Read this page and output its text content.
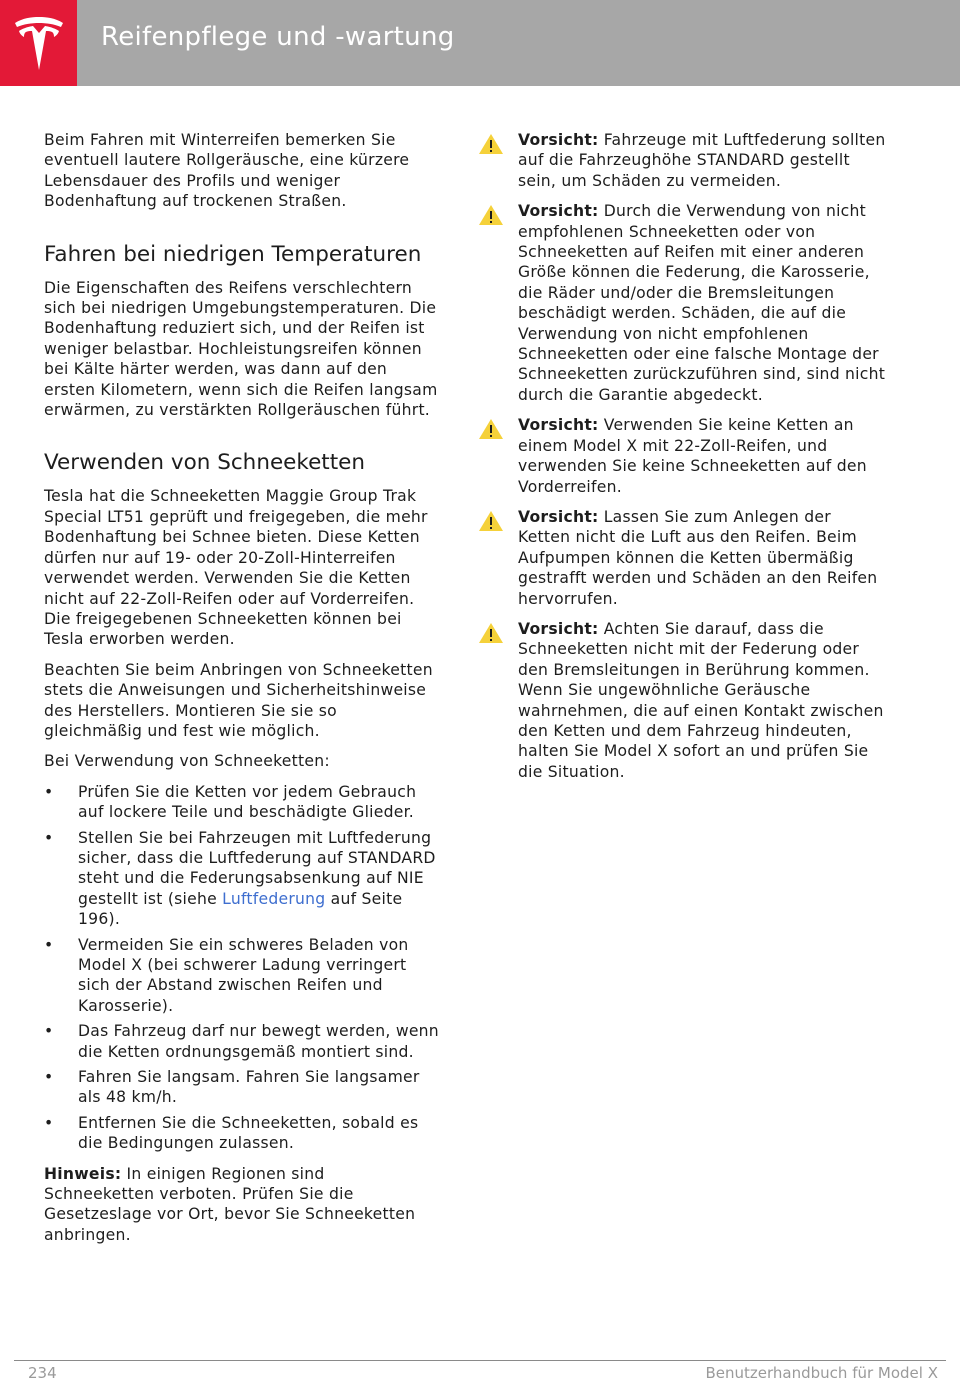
Reifenpflege und -wartung

Beim Fahren mit Winterreifen bemerken Sie eventuell lautere Rollgeräusche, eine kürzere Lebensdauer des Profils und weniger Bodenhaftung auf trockenen Straßen.

Fahren bei niedrigen Temperaturen

Die Eigenschaften des Reifens verschlechtern sich bei niedrigen Umgebungstemperaturen. Die Bodenhaftung reduziert sich, und der Reifen ist weniger belastbar. Hochleistungsreifen können bei Kälte härter werden, was dann auf den ersten Kilometern, wenn sich die Reifen langsam erwärmen, zu verstärkten Rollgeräuschen führt.

Verwenden von Schneeketten

Tesla hat die Schneeketten Maggie Group Trak Special LT51 geprüft und freigegeben, die mehr Bodenhaftung bei Schnee bieten. Diese Ketten dürfen nur auf 19- oder 20-Zoll-Hinterreifen verwendet werden. Verwenden Sie die Ketten nicht auf 22-Zoll-Reifen oder auf Vorderreifen. Die freigegebenen Schneeketten können bei Tesla erworben werden.

Beachten Sie beim Anbringen von Schneeketten stets die Anweisungen und Sicherheitshinweise des Herstellers. Montieren Sie sie so gleichmäßig und fest wie möglich.

Bei Verwendung von Schneeketten:

• Prüfen Sie die Ketten vor jedem Gebrauch auf lockere Teile und beschädigte Glieder.
• Stellen Sie bei Fahrzeugen mit Luftfederung sicher, dass die Luftfederung auf STANDARD steht und die Federungsabsenkung auf NIE gestellt ist (siehe Luftfederung auf Seite 196).
• Vermeiden Sie ein schweres Beladen von Model X (bei schwerer Ladung verringert sich der Abstand zwischen Reifen und Karosserie).
• Das Fahrzeug darf nur bewegt werden, wenn die Ketten ordnungsgemäß montiert sind.
• Fahren Sie langsam. Fahren Sie langsamer als 48 km/h.
• Entfernen Sie die Schneeketten, sobald es die Bedingungen zulassen.

Hinweis: In einigen Regionen sind Schneeketten verboten. Prüfen Sie die Gesetzeslage vor Ort, bevor Sie Schneeketten anbringen.

Vorsicht: Fahrzeuge mit Luftfederung sollten auf die Fahrzeughöhe STANDARD gestellt sein, um Schäden zu vermeiden.

Vorsicht: Durch die Verwendung von nicht empfohlenen Schneeketten oder von Schneeketten auf Reifen mit einer anderen Größe können die Federung, die Karosserie, die Räder und/oder die Bremsleitungen beschädigt werden. Schäden, die auf die Verwendung von nicht empfohlenen Schneeketten oder eine falsche Montage der Schneeketten zurückzuführen sind, sind nicht durch die Garantie abgedeckt.

Vorsicht: Verwenden Sie keine Ketten an einem Model X mit 22-Zoll-Reifen, und verwenden Sie keine Schneeketten auf den Vorderreifen.

Vorsicht: Lassen Sie zum Anlegen der Ketten nicht die Luft aus den Reifen. Beim Aufpumpen können die Ketten übermäßig gestrafft werden und Schäden an den Reifen hervorrufen.

Vorsicht: Achten Sie darauf, dass die Schneeketten nicht mit der Federung oder den Bremsleitungen in Berührung kommen. Wenn Sie ungewöhnliche Geräusche wahrnehmen, die auf einen Kontakt zwischen den Ketten und dem Fahrzeug hindeuten, halten Sie Model X sofort an und prüfen Sie die Situation.

234	Benutzerhandbuch für Model X
